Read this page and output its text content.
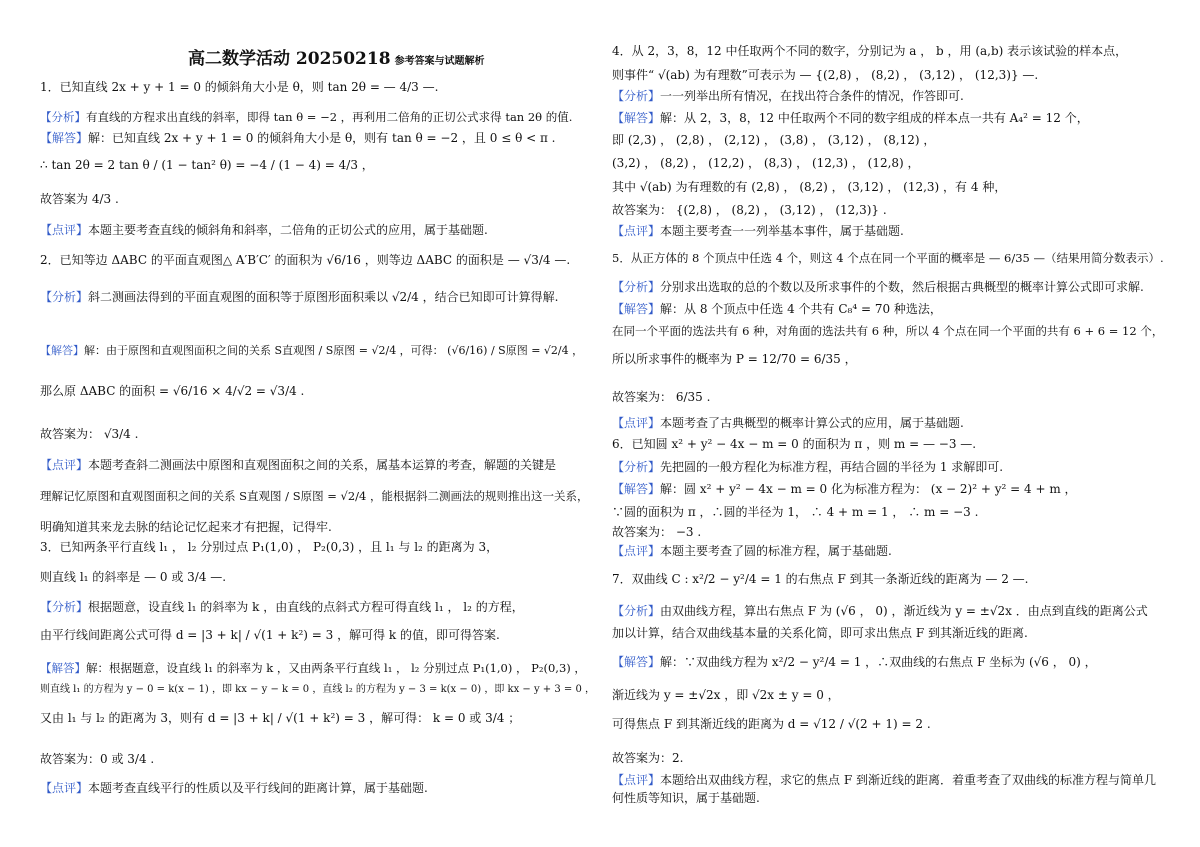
高二数学活动 20250218 参考答案与试题解析
1．已知直线 2x + y + 1 = 0 的倾斜角大小是 θ，则 tan 2θ = — 4/3 —.
【分析】有直线的方程求出直线的斜率，即得 tan θ = −2 ，再利用二倍角的正切公式求得 tan 2θ 的值.
【解答】解：已知直线 2x + y + 1 = 0 的倾斜角大小是 θ，则有 tan θ = −2 ，且 0 ≤ θ < π .
∴ tan 2θ = 2 tan θ / (1 − tan² θ) = −4 / (1 − 4) = 4/3 ，
故答案为 4/3 .
【点评】本题主要考查直线的倾斜角和斜率，二倍角的正切公式的应用，属于基础题.
2．已知等边 ΔABC 的平面直观图△ A′B′C′ 的面积为 √6/16 ，则等边 ΔABC 的面积是 — √3/4 —.
【分析】斜二测画法得到的平面直观图的面积等于原图形面积乘以 √2/4 ，结合已知即可计算得解.
【解答】解：由于原图和直观图面积之间的关系 S直观图 / S原图 = √2/4 ，可得： (√6/16) / S原图 = √2/4 ，
那么原 ΔABC 的面积 = √6/16 × 4/√2 = √3/4 .
故答案为： √3/4 .
【点评】本题考查斜二测画法中原图和直观图面积之间的关系，属基本运算的考查，解题的关键是
理解记忆原图和直观图面积之间的关系 S直观图 / S原图 = √2/4 ，能根据斜二测画法的规则推出这一关系，
明确知道其来龙去脉的结论记忆起来才有把握，记得牢.
3．已知两条平行直线 l₁ ， l₂ 分别过点 P₁(1,0) ， P₂(0,3) ，且 l₁ 与 l₂ 的距离为 3，
则直线 l₁ 的斜率是 — 0 或 3/4 —.
【分析】根据题意，设直线 l₁ 的斜率为 k ，由直线的点斜式方程可得直线 l₁ ， l₂ 的方程，
由平行线间距离公式可得 d = |3 + k| / √(1 + k²) = 3 ，解可得 k 的值，即可得答案.
【解答】解：根据题意，设直线 l₁ 的斜率为 k ，又由两条平行直线 l₁ ， l₂ 分别过点 P₁(1,0) ， P₂(0,3) ，
则直线 l₁ 的方程为 y − 0 = k(x − 1) ，即 kx − y − k = 0 ，直线 l₂ 的方程为 y − 3 = k(x − 0) ，即 kx − y + 3 = 0 ，
又由 l₁ 与 l₂ 的距离为 3，则有 d = |3 + k| / √(1 + k²) = 3 ，解可得： k = 0 或 3/4 ；
故答案为：0 或 3/4 .
【点评】本题考查直线平行的性质以及平行线间的距离计算，属于基础题.
4．从 2，3，8，12 中任取两个不同的数字，分别记为 a ， b ，用 (a,b) 表示该试验的样本点，
则事件“ √(ab) 为有理数”可表示为 — {(2,8) ， (8,2) ， (3,12) ， (12,3)} —.
【分析】一一列举出所有情况，在找出符合条件的情况，作答即可.
【解答】解：从 2，3，8，12 中任取两个不同的数字组成的样本点一共有 A₄² = 12 个，
即 (2,3) ， (2,8) ， (2,12) ， (3,8) ， (3,12) ， (8,12) ，
(3,2) ， (8,2) ， (12,2) ， (8,3) ， (12,3) ， (12,8) ，
其中 √(ab) 为有理数的有 (2,8) ， (8,2) ， (3,12) ， (12,3) ，有 4 种，
故答案为： {(2,8) ， (8,2) ， (3,12) ， (12,3)} .
【点评】本题主要考查一一列举基本事件，属于基础题.
5．从正方体的 8 个顶点中任选 4 个，则这 4 个点在同一个平面的概率是 — 6/35 —（结果用简分数表示）.
【分析】分别求出选取的总的个数以及所求事件的个数，然后根据古典概型的概率计算公式即可求解.
【解答】解：从 8 个顶点中任选 4 个共有 C₈⁴ = 70 种选法，
在同一个平面的选法共有 6 种，对角面的选法共有 6 种，所以 4 个点在同一个平面的共有 6 + 6 = 12 个，
所以所求事件的概率为 P = 12/70 = 6/35 ，
故答案为： 6/35 .
【点评】本题考查了古典概型的概率计算公式的应用，属于基础题.
6．已知圆 x² + y² − 4x − m = 0 的面积为 π ，则 m = — −3 —.
【分析】先把圆的一般方程化为标准方程，再结合圆的半径为 1 求解即可.
【解答】解：圆 x² + y² − 4x − m = 0 化为标准方程为： (x − 2)² + y² = 4 + m ，
∵圆的面积为 π ，∴圆的半径为 1， ∴ 4 + m = 1 ， ∴ m = −3 .
故答案为： −3 .
【点评】本题主要考查了圆的标准方程，属于基础题.
7．双曲线 C : x²/2 − y²/4 = 1 的右焦点 F 到其一条渐近线的距离为 — 2 —.
【分析】由双曲线方程，算出右焦点 F 为 (√6 ， 0) ，渐近线为 y = ±√2x ．由点到直线的距离公式
加以计算，结合双曲线基本量的关系化简，即可求出焦点 F 到其渐近线的距离.
【解答】解：∵双曲线方程为 x²/2 − y²/4 = 1 ，∴双曲线的右焦点 F 坐标为 (√6 ， 0) ，
渐近线为 y = ±√2x ，即 √2x ± y = 0 ，
可得焦点 F 到其渐近线的距离为 d = √12 / √(2 + 1) = 2 .
故答案为：2.
【点评】本题给出双曲线方程，求它的焦点 F 到渐近线的距离．着重考查了双曲线的标准方程与简单几
何性质等知识，属于基础题.
